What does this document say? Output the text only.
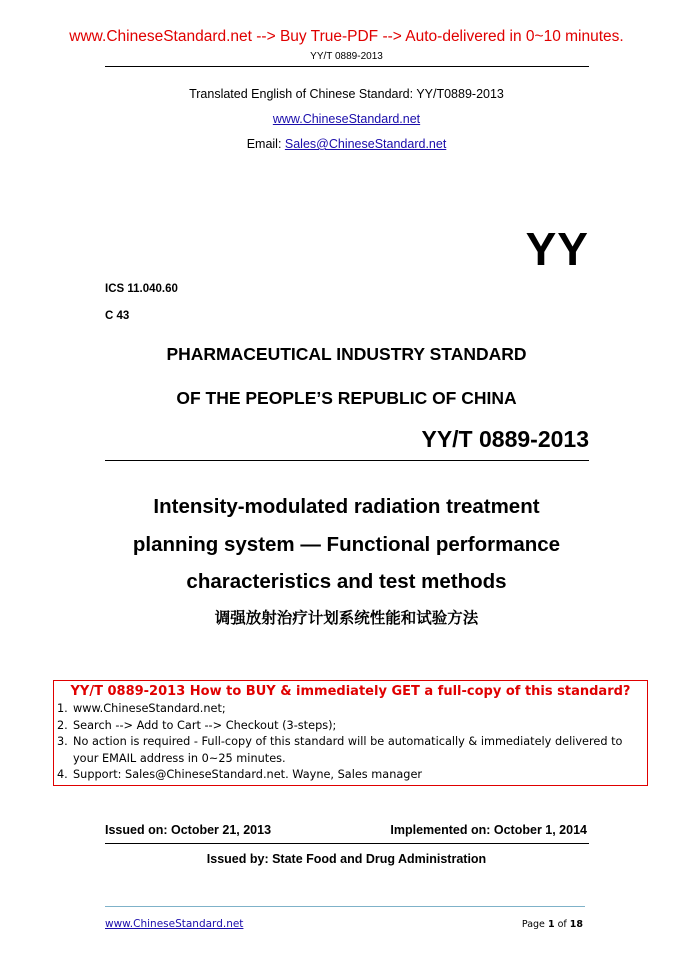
www.ChineseStandard.net --> Buy True-PDF --> Auto-delivered in 0~10 minutes.
YY/T 0889-2013
Translated English of Chinese Standard: YY/T0889-2013
www.ChineseStandard.net
Email: Sales@ChineseStandard.net
YY
ICS 11.040.60
C 43
PHARMACEUTICAL INDUSTRY STANDARD
OF THE PEOPLE’S REPUBLIC OF CHINA
YY/T 0889-2013
Intensity-modulated radiation treatment
planning system — Functional performance
characteristics and test methods
调强放射治疗计划系统性能和试验方法
YY/T 0889-2013 How to BUY & immediately GET a full-copy of this standard?
1. www.ChineseStandard.net;
2. Search --> Add to Cart --> Checkout (3-steps);
3. No action is required - Full-copy of this standard will be automatically & immediately delivered to your EMAIL address in 0~25 minutes.
4. Support: Sales@ChineseStandard.net. Wayne, Sales manager
Issued on: October 21, 2013	Implemented on: October 1, 2014
Issued by: State Food and Drug Administration
www.ChineseStandard.net	Page 1 of 18
